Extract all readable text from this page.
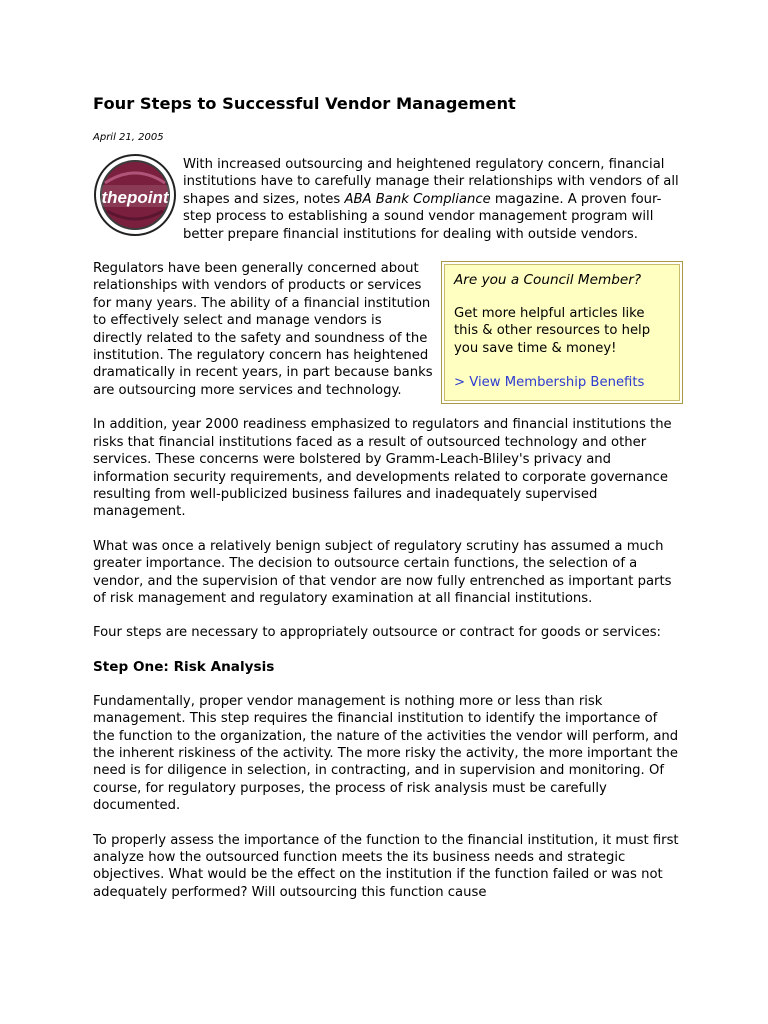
Four Steps to Successful Vendor Management
April 21, 2005

thepoint
With increased outsourcing and heightened regulatory concern, financial institutions have to carefully manage their relationships with vendors of all shapes and sizes, notes ABA Bank Compliance magazine. A proven four-step process to establishing a sound vendor management program will better prepare financial institutions for dealing with outside vendors.

Are you a Council Member?
Get more helpful articles like this & other resources to help you save time & money!
> View Membership Benefits

Regulators have been generally concerned about relationships with vendors of products or services for many years. The ability of a financial institution to effectively select and manage vendors is directly related to the safety and soundness of the institution. The regulatory concern has heightened dramatically in recent years, in part because banks are outsourcing more services and technology.

In addition, year 2000 readiness emphasized to regulators and financial institutions the risks that financial institutions faced as a result of outsourced technology and other services. These concerns were bolstered by Gramm-Leach-Bliley's privacy and information security requirements, and developments related to corporate governance resulting from well-publicized business failures and inadequately supervised management.

What was once a relatively benign subject of regulatory scrutiny has assumed a much greater importance. The decision to outsource certain functions, the selection of a vendor, and the supervision of that vendor are now fully entrenched as important parts of risk management and regulatory examination at all financial institutions.

Four steps are necessary to appropriately outsource or contract for goods or services:

Step One: Risk Analysis

Fundamentally, proper vendor management is nothing more or less than risk management. This step requires the financial institution to identify the importance of the function to the organization, the nature of the activities the vendor will perform, and the inherent riskiness of the activity. The more risky the activity, the more important the need is for diligence in selection, in contracting, and in supervision and monitoring. Of course, for regulatory purposes, the process of risk analysis must be carefully documented.

To properly assess the importance of the function to the financial institution, it must first analyze how the outsourced function meets the its business needs and strategic objectives. What would be the effect on the institution if the function failed or was not adequately performed? Will outsourcing this function cause
